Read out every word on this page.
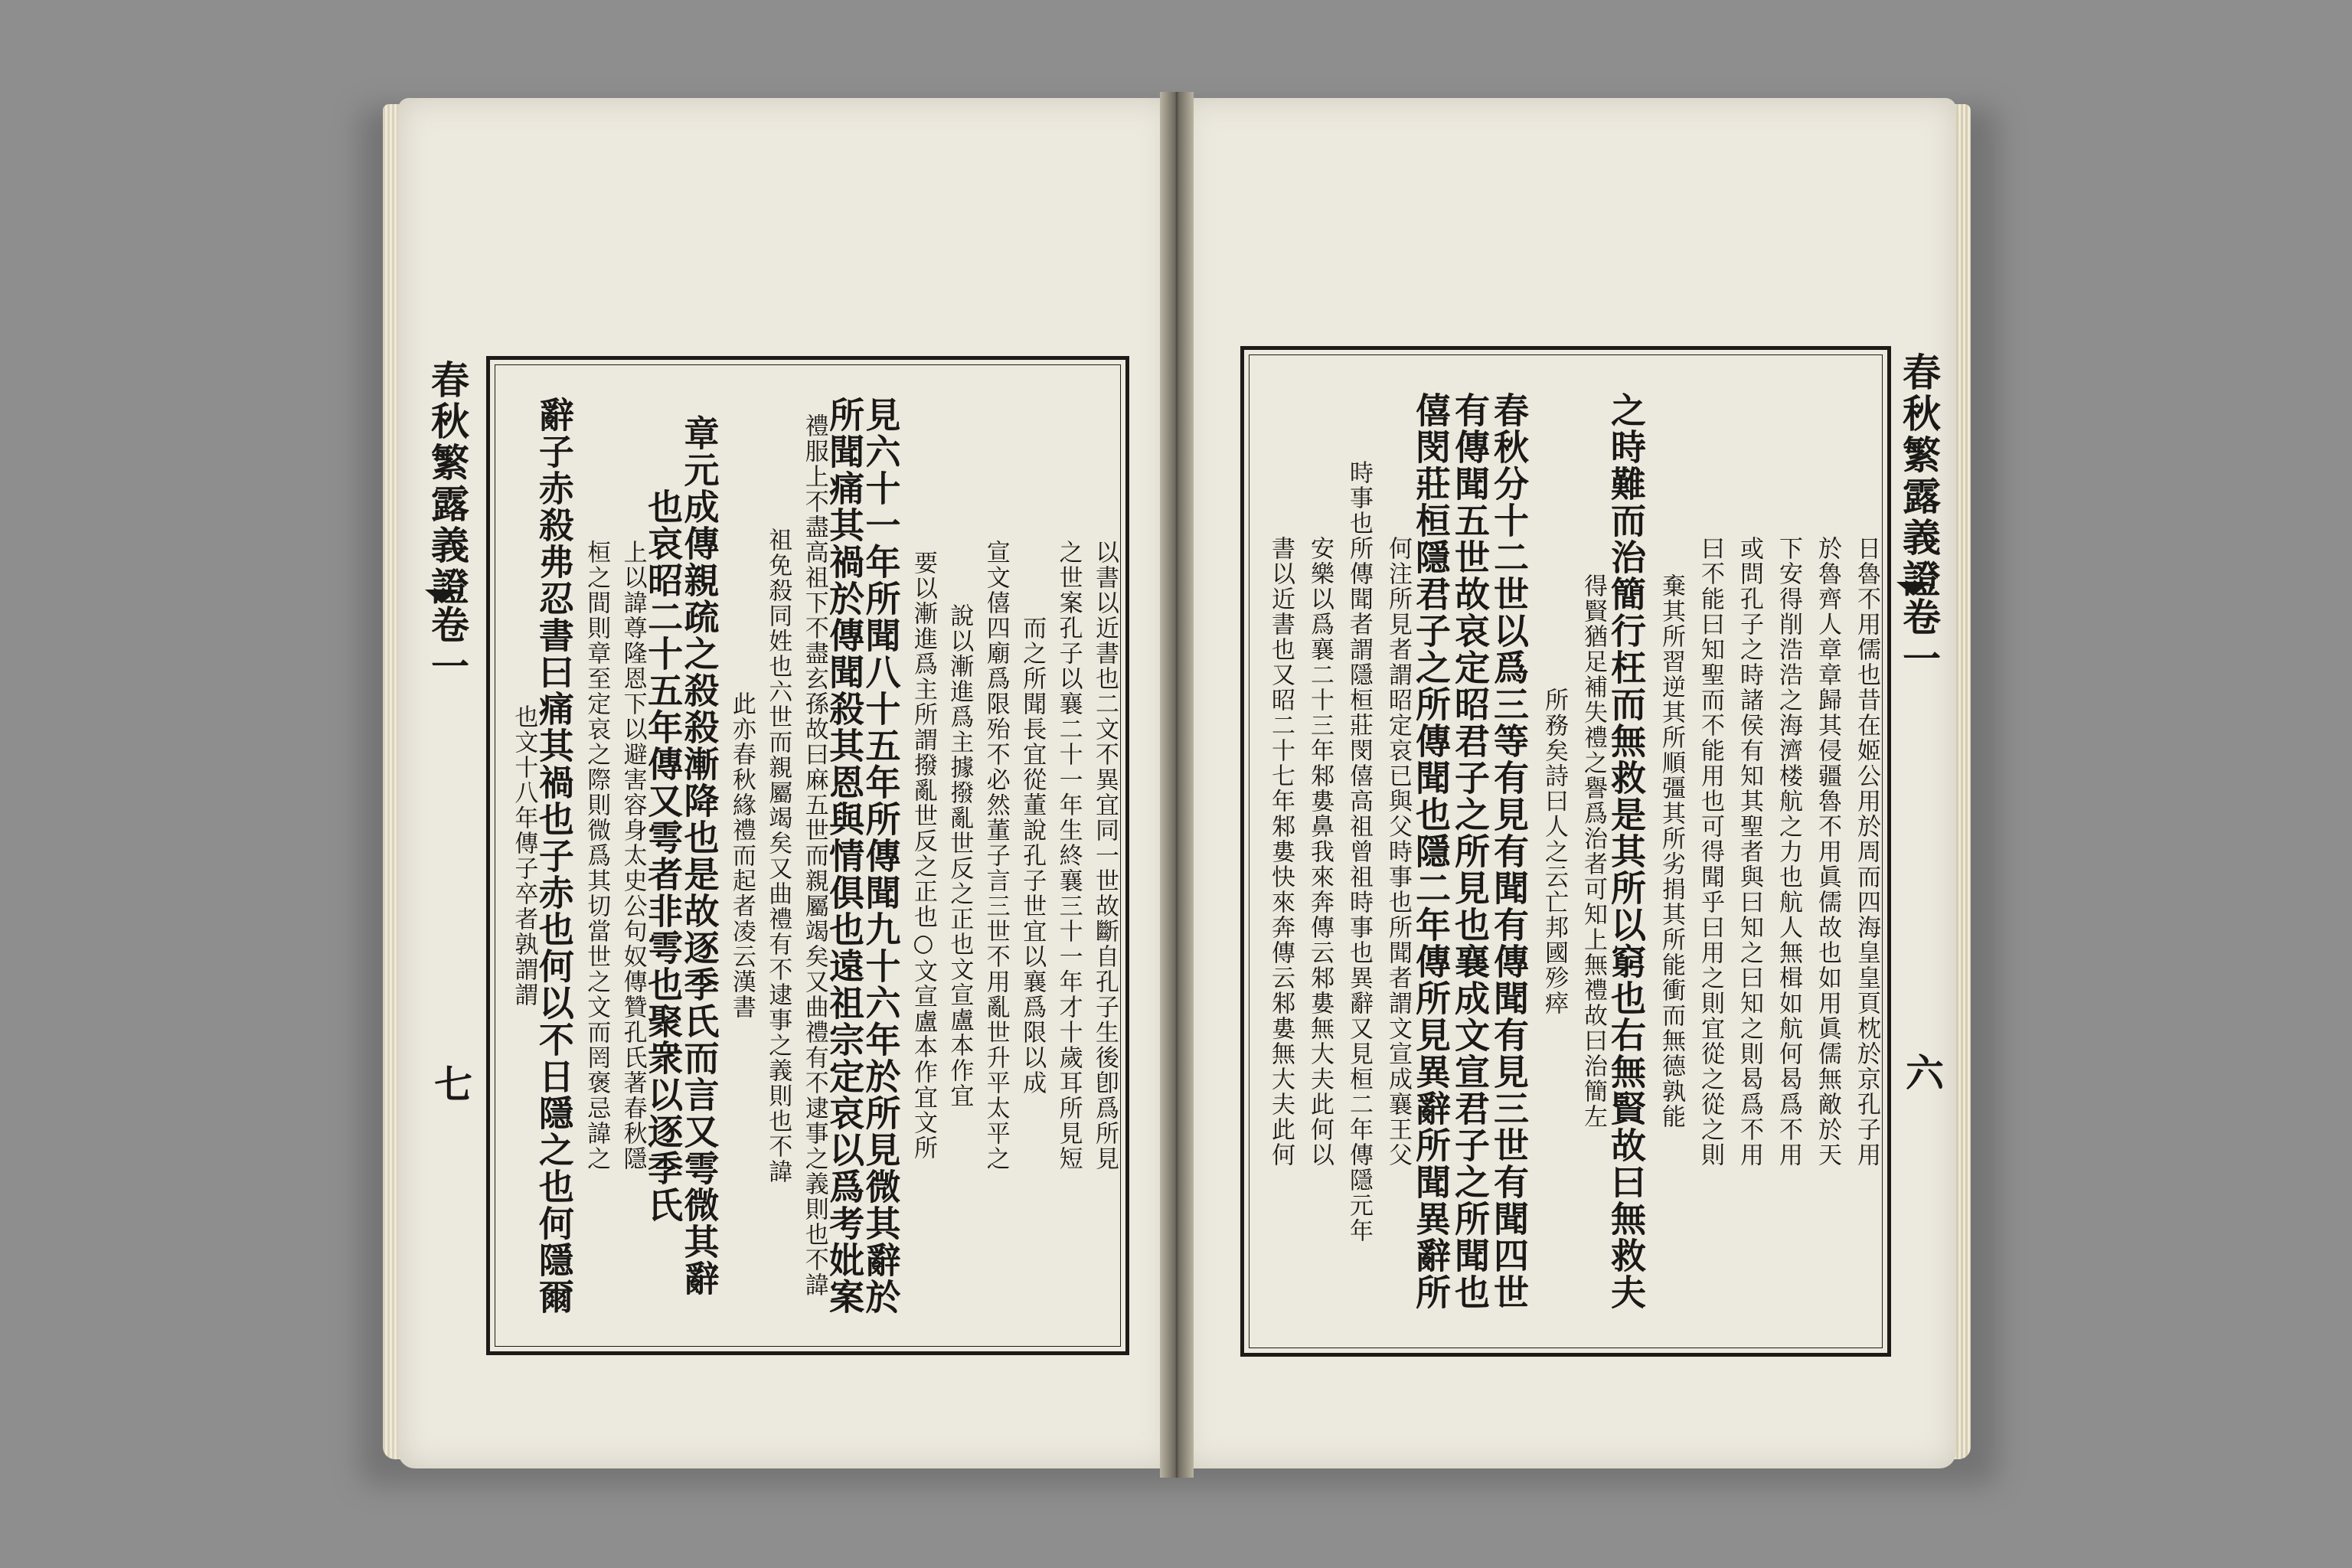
以書以近書也二文不異宜同一世故斷自孔子生後卽爲所見
之世案孔子以襄二十一年生終襄三十一年才十歲耳所見短
而之所聞長宜從董說孔子世宜以襄爲限以成
宣文僖四廟爲限殆不必然董子言三世不用亂世升平太平之
說以漸進爲主據撥亂世反之正也文宣盧本作宜
要以漸進爲主所謂撥亂世反之正也○文宣盧本作宜文所
見六十一年所聞八十五年所傳聞九十六年於所見微其辭於
所聞痛其禍於傳聞殺其恩與情俱也遠祖宗定哀以爲考妣案
禮服上不盡高祖下不盡玄孫故曰麻五世而親屬竭矣又曲禮有不逮事之義則也不諱
祖免殺同姓也六世而親屬竭矣又曲禮有不逮事之義則也不諱
此亦春秋緣禮而起者凌云漢書
章元成傳親疏之殺殺漸降也是故逐季氏而言又雩微其辭
也哀昭二十五年傳又雩者非雩也聚衆以逐季氏
上以諱尊隆恩下以避害容身太史公句奴傳贊孔氏著春秋隱
桓之間則章至定哀之際則微爲其切當世之文而罔褒忌諱之
辭子赤殺弗忍書曰痛其禍也子赤也何以不日隱之也何隱爾
也文十八年傳子卒者孰謂謂
春秋繁露義證
卷一
七	日魯不用儒也昔在姬公用於周而四海皇皇頁枕於京孔子用
於魯齊人章章歸其侵疆魯不用眞儒故也如用眞儒無敵於天
下安得削浩浩之海濟楼航之力也航人無楫如航何曷爲不用
或問孔子之時諸侯有知其聖者與曰知之曰知之則曷爲不用
曰不能曰知聖而不能用也可得聞乎曰用之則宜從之從之則
棄其所習逆其所順彊其所劣捐其所能衝而無德孰能
之時難而治簡行枉而無救是其所以窮也右無賢故曰無救夫
得賢猶足補失禮之譽爲治者可知上無禮故曰治簡左
所務矣詩曰人之云亡邦國殄瘁
春秋分十二世以爲三等有見有聞有傳聞有見三世有聞四世
有傳聞五世故哀定昭君子之所見也襄成文宣君子之所聞也
僖閔莊桓隱君子之所傳聞也隱二年傳所見異辭所聞異辭所
何注所見者謂昭定哀已與父時事也所聞者謂文宣成襄王父
時事也所傳聞者謂隱桓莊閔僖高祖曾祖時事也異辭又見桓二年傳隱元年
安樂以爲襄二十三年邾婁鼻我來奔傳云邾婁無大夫此何以
書以近書也又昭二十七年邾婁快來奔傳云邾婁無大夫此何
春秋繁露義證
卷一
六
